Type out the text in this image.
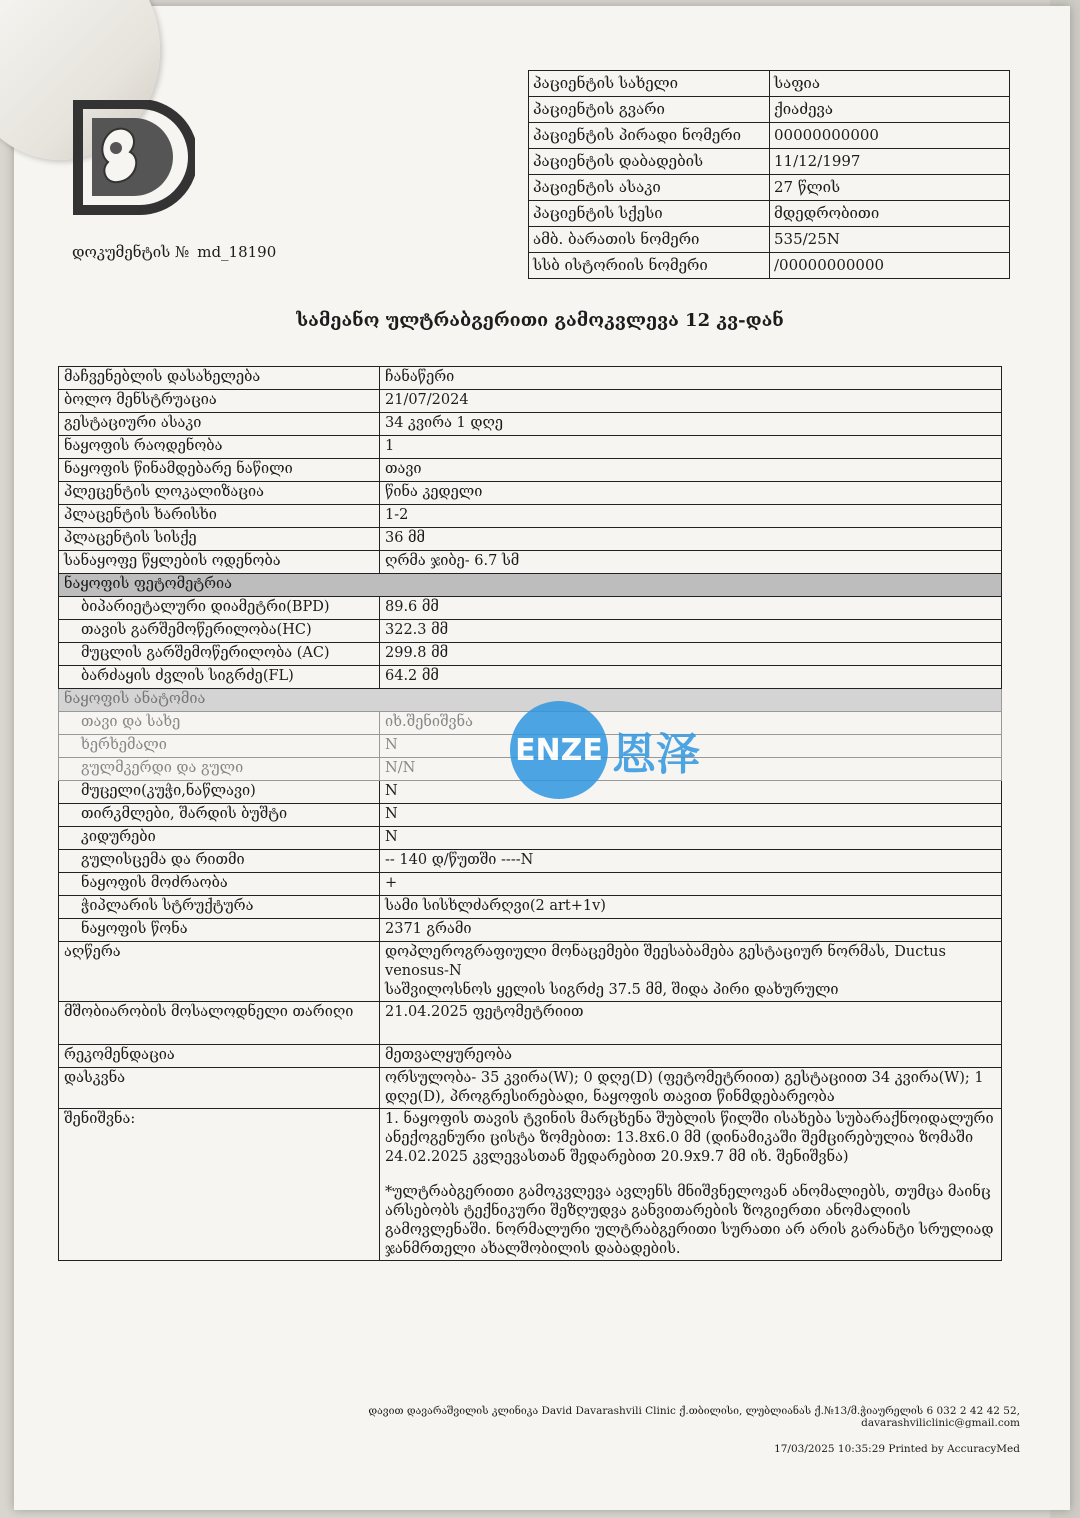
დოკუმენტის № md_18190
პაციენტის სახელი	საფია
პაციენტის გვარი	ქიაძევა
პაციენტის პირადი ნომერი	00000000000
პაციენტის დაბადების	11/12/1997
პაციენტის ასაკი	27 წლის
პაციენტის სქესი	მდედრობითი
ამბ. ბარათის ნომერი	535/25N
სსბ ისტორიის ნომერი	/00000000000
სამეანო ულტრაბგერითი გამოკვლევა 12 კვ-დან
მაჩვენებლის დასახელება	ჩანაწერი
ბოლო მენსტრუაცია	21/07/2024
გესტაციური ასაკი	34 კვირა 1 დღე
ნაყოფის რაოდენობა	1
ნაყოფის წინამდებარე ნაწილი	თავი
პლეცენტის ლოკალიზაცია	წინა კედელი
პლაცენტის ხარისხი	1-2
პლაცენტის სისქე	36 მმ
სანაყოფე წყლების ოდენობა	ღრმა ჯიბე- 6.7 სმ
ნაყოფის ფეტომეტრია	
ბიპარიეტალური დიამეტრი(BPD)	89.6 მმ
თავის გარშემოწერილობა(HC)	322.3 მმ
მუცლის გარშემოწერილობა (AC)	299.8 მმ
ბარძაყის ძვლის სიგრძე(FL)	64.2 მმ
ნაყოფის ანატომია	
თავი და სახე	იხ.შენიშვნა
ხერხემალი	N
გულმკერდი და გული	N/N
მუცელი(კუჭი,ნაწლავი)	N
თირკმლები, შარდის ბუშტი	N
კიდურები	N
გულისცემა და რითმი	-- 140 დ/წუთში ----N
ნაყოფის მოძრაობა	+
ჭიპლარის სტრუქტურა	სამი სისხლძარღვი(2 art+1v)
ნაყოფის წონა	2371 გრამი
აღწერა	დოპლეროგრაფიული მონაცემები შეესაბამება გესტაციურ ნორმას, Ductus venosus-N
საშვილოსნოს ყელის სიგრძე 37.5 მმ, შიდა პირი დახურული

მშობიარობის მოსალოდნელი თარიღი	21.04.2025 ფეტომეტრიით
რეკომენდაცია	მეთვალყურეობა
დასკვნა	ორსულობა- 35 კვირა(W); 0 დღე(D) (ფეტომეტრიით) გესტაციით 34 კვირა(W); 1 დღე(D), პროგრესირებადი, ნაყოფის თავით წინმდებარეობა
შენიშვნა:	1. ნაყოფის თავის ტვინის მარცხენა შუბლის წილში ისახება სუბარაქნოიდალური ანექოგენური ცისტა ზომებით: 13.8x6.0 მმ (დინამიკაში შემცირებულია ზომაში 24.02.2025 კვლევასთან შედარებით 20.9x9.7 მმ იხ. შენიშვნა)

*ულტრაბგერითი გამოკვლევა ავლენს მნიშვნელოვან ანომალიებს, თუმცა მაინც არსებობს ტექნიკური შეზღუდვა განვითარების ზოგიერთი ანომალიის გამოვლენაში. ნორმალური ულტრაბგერითი სურათი არ არის გარანტი სრულიად ჯანმრთელი ახალშობილის დაბადების.

ENZE 恩泽
დავით დავარაშვილის კლინიკა David Davarashvili Clinic ქ.თბილისი, ლუბლიანას ქ.№13/მ.ჭიაურელის 6 032 2 42 42 52, davarashviliclinic@gmail.com
17/03/2025 10:35:29 Printed by AccuracyMed
